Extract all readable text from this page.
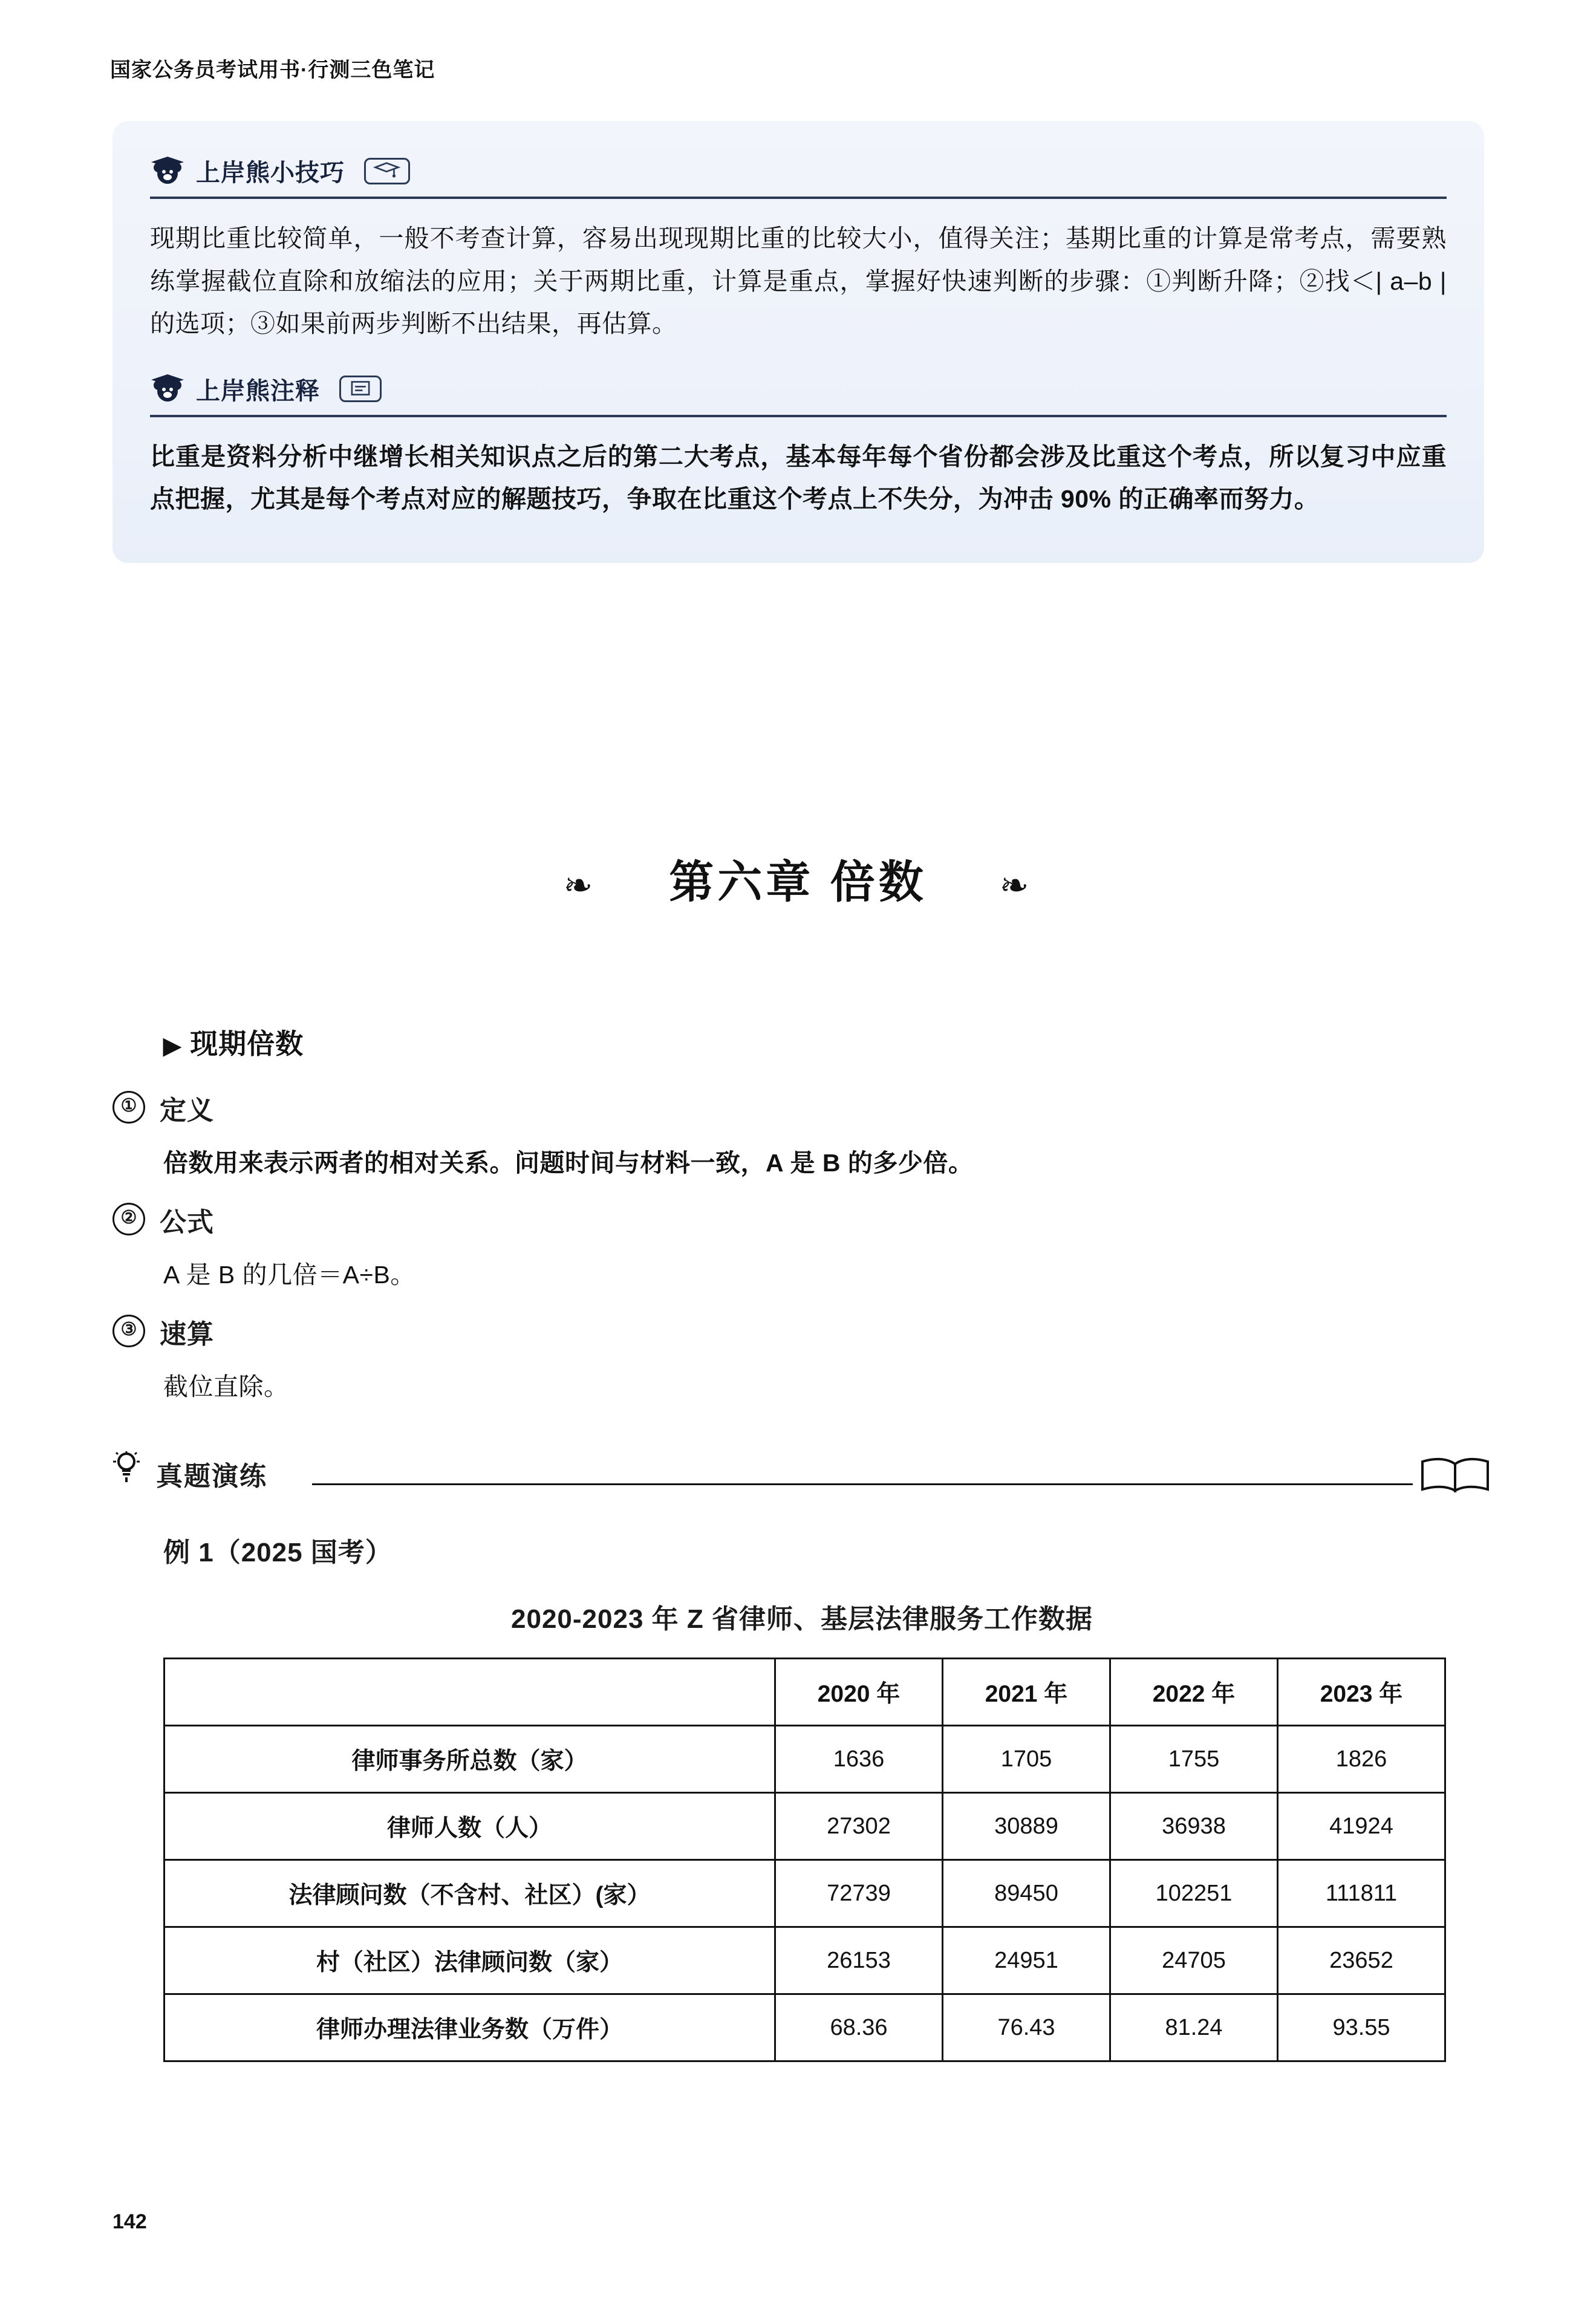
国家公务员考试用书·行测三色笔记
上岸熊小技巧
现期比重比较简单，一般不考查计算，容易出现现期比重的比较大小，值得关注；基期比重的计算是常考点，需要熟练掌握截位直除和放缩法的应用；关于两期比重，计算是重点，掌握好快速判断的步骤：①判断升降；②找＜| a–b | 的选项；③如果前两步判断不出结果，再估算。
上岸熊注释
比重是资料分析中继增长相关知识点之后的第二大考点，基本每年每个省份都会涉及比重这个考点，所以复习中应重点把握，尤其是每个考点对应的解题技巧，争取在比重这个考点上不失分，为冲击 90% 的正确率而努力。
❧ 第六章 倍数 ❧
▶ 现期倍数
① 定义
倍数用来表示两者的相对关系。问题时间与材料一致，A 是 B 的多少倍。
② 公式
A 是 B 的几倍＝A÷B。
③ 速算
截位直除。
真题演练
例 1（2025 国考）
2020-2023 年 Z 省律师、基层法律服务工作数据
	2020 年	2021 年	2022 年	2023 年
律师事务所总数（家）	1636	1705	1755	1826
律师人数（人）	27302	30889	36938	41924
法律顾问数（不含村、社区）(家）	72739	89450	102251	111811
村（社区）法律顾问数（家）	26153	24951	24705	23652
律师办理法律业务数（万件）	68.36	76.43	81.24	93.55
142
